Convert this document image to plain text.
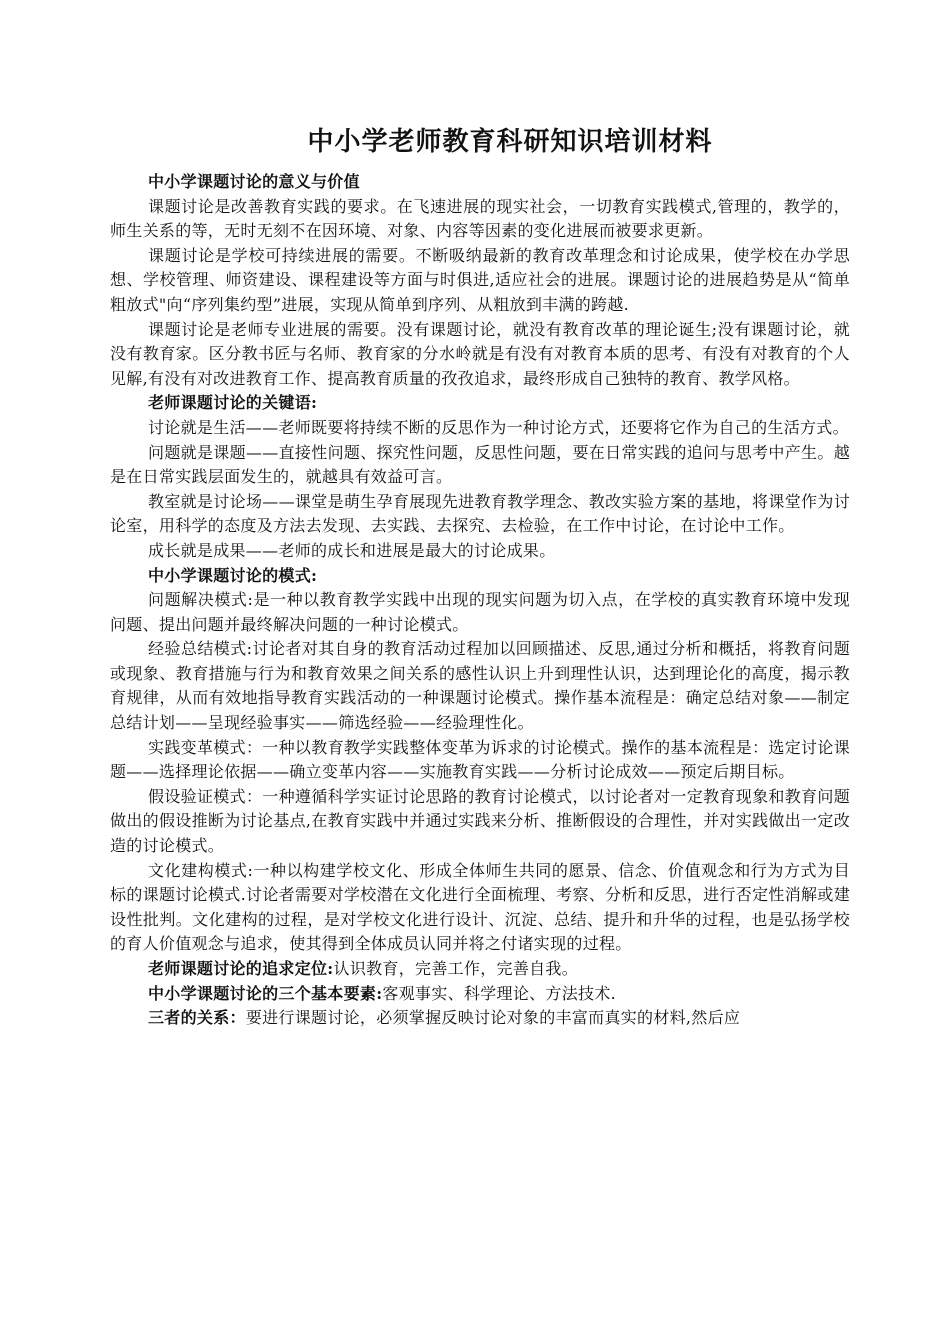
中小学老师教育科研知识培训材料

中小学课题讨论的意义与价值

课题讨论是改善教育实践的要求。在飞速进展的现实社会，一切教育实践模式,管理的，教学的，师生关系的等，无时无刻不在因环境、对象、内容等因素的变化进展而被要求更新。

课题讨论是学校可持续进展的需要。不断吸纳最新的教育改革理念和讨论成果，使学校在办学思想、学校管理、师资建设、课程建设等方面与时俱进,适应社会的进展。课题讨论的进展趋势是从“简单粗放式"向“序列集约型”进展，实现从简单到序列、从粗放到丰满的跨越.

课题讨论是老师专业进展的需要。没有课题讨论，就没有教育改革的理论诞生;没有课题讨论，就没有教育家。区分教书匠与名师、教育家的分水岭就是有没有对教育本质的思考、有没有对教育的个人见解,有没有对改进教育工作、提高教育质量的孜孜追求，最终形成自己独特的教育、教学风格。

老师课题讨论的关键语:

讨论就是生活——老师既要将持续不断的反思作为一种讨论方式，还要将它作为自己的生活方式。

问题就是课题——直接性问题、探究性问题，反思性问题，要在日常实践的追问与思考中产生。越是在日常实践层面发生的，就越具有效益可言。

教室就是讨论场——课堂是萌生孕育展现先进教育教学理念、教改实验方案的基地，将课堂作为讨论室，用科学的态度及方法去发现、去实践、去探究、去检验，在工作中讨论，在讨论中工作。

成长就是成果——老师的成长和进展是最大的讨论成果。

中小学课题讨论的模式:

问题解决模式:是一种以教育教学实践中出现的现实问题为切入点，在学校的真实教育环境中发现问题、提出问题并最终解决问题的一种讨论模式。

经验总结模式:讨论者对其自身的教育活动过程加以回顾描述、反思,通过分析和概括，将教育问题或现象、教育措施与行为和教育效果之间关系的感性认识上升到理性认识，达到理论化的高度，揭示教育规律，从而有效地指导教育实践活动的一种课题讨论模式。操作基本流程是：确定总结对象——制定总结计划——呈现经验事实——筛选经验——经验理性化。

实践变革模式：一种以教育教学实践整体变革为诉求的讨论模式。操作的基本流程是：选定讨论课题——选择理论依据——确立变革内容——实施教育实践——分析讨论成效——预定后期目标。

假设验证模式：一种遵循科学实证讨论思路的教育讨论模式，以讨论者对一定教育现象和教育问题做出的假设推断为讨论基点,在教育实践中并通过实践来分析、推断假设的合理性，并对实践做出一定改造的讨论模式。

文化建构模式:一种以构建学校文化、形成全体师生共同的愿景、信念、价值观念和行为方式为目标的课题讨论模式.讨论者需要对学校潜在文化进行全面梳理、考察、分析和反思，进行否定性消解或建设性批判。文化建构的过程，是对学校文化进行设计、沉淀、总结、提升和升华的过程，也是弘扬学校的育人价值观念与追求，使其得到全体成员认同并将之付诸实现的过程。

老师课题讨论的追求定位:认识教育，完善工作，完善自我。

中小学课题讨论的三个基本要素:客观事实、科学理论、方法技术.

三者的关系：要进行课题讨论，必须掌握反映讨论对象的丰富而真实的材料,然后应
